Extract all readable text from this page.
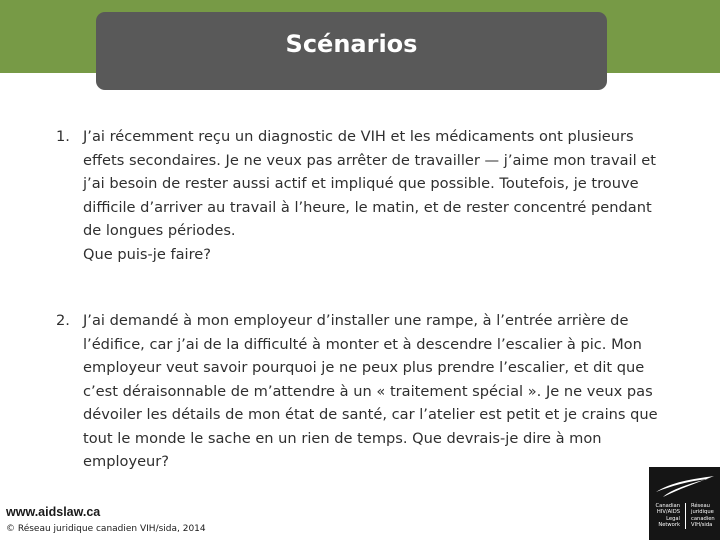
Scénarios
1. J’ai récemment reçu un diagnostic de VIH et les médicaments ont plusieurs effets secondaires. Je ne veux pas arrêter de travailler — j’aime mon travail et j’ai besoin de rester aussi actif et impliqué que possible. Toutefois, je trouve difficile d’arriver au travail à l’heure, le matin, et de rester concentré pendant de longues périodes.
Que puis-je faire?
2. J’ai demandé à mon employeur d’installer une rampe, à l’entrée arrière de l’édifice, car j’ai de la difficulté à monter et à descendre l’escalier à pic. Mon employeur veut savoir pourquoi je ne peux plus prendre l’escalier, et dit que c’est déraisonnable de m’attendre à un « traitement spécial ». Je ne veux pas dévoiler les détails de mon état de santé, car l’atelier est petit et je crains que tout le monde le sache en un rien de temps. Que devrais-je dire à mon employeur?
www.aidslaw.ca
© Réseau juridique canadien VIH/sida, 2014
Canadian
HIV/AIDS
Legal
Network
Réseau
juridique
canadien
VIH/sida
